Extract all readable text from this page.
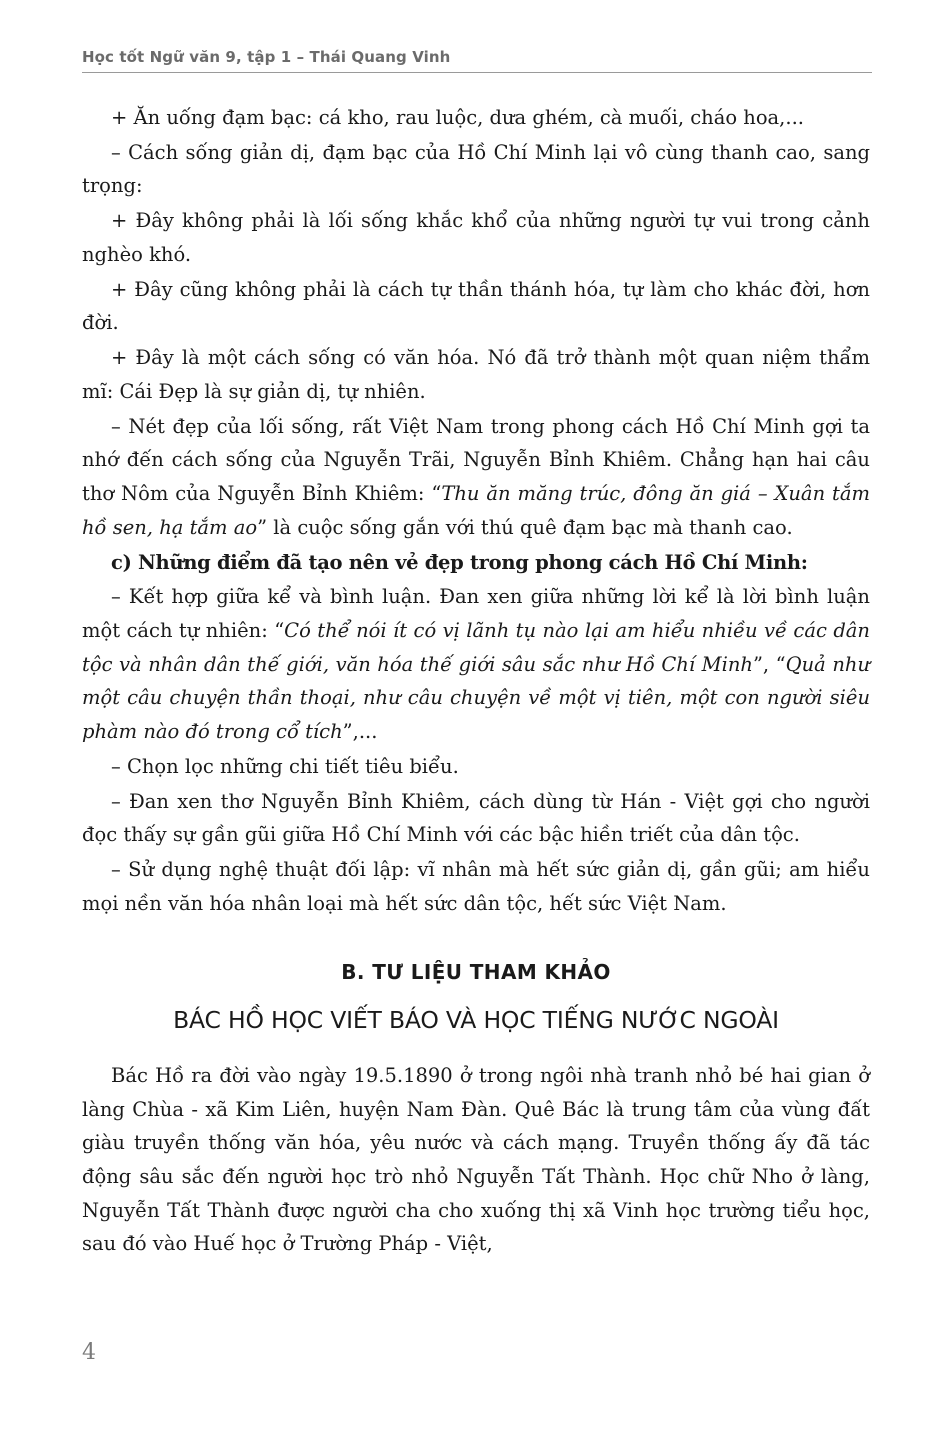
Học tốt Ngữ văn 9, tập 1 – Thái Quang Vinh

+ Ăn uống đạm bạc: cá kho, rau luộc, dưa ghém, cà muối, cháo hoa,...

– Cách sống giản dị, đạm bạc của Hồ Chí Minh lại vô cùng thanh cao, sang trọng:

+ Đây không phải là lối sống khắc khổ của những người tự vui trong cảnh nghèo khó.

+ Đây cũng không phải là cách tự thần thánh hóa, tự làm cho khác đời, hơn đời.

+ Đây là một cách sống có văn hóa. Nó đã trở thành một quan niệm thẩm mĩ: Cái Đẹp là sự giản dị, tự nhiên.

– Nét đẹp của lối sống, rất Việt Nam trong phong cách Hồ Chí Minh gợi ta nhớ đến cách sống của Nguyễn Trãi, Nguyễn Bỉnh Khiêm. Chẳng hạn hai câu thơ Nôm của Nguyễn Bỉnh Khiêm: “Thu ăn măng trúc, đông ăn giá – Xuân tắm hồ sen, hạ tắm ao” là cuộc sống gắn với thú quê đạm bạc mà thanh cao.

c) Những điểm đã tạo nên vẻ đẹp trong phong cách Hồ Chí Minh:

– Kết hợp giữa kể và bình luận. Đan xen giữa những lời kể là lời bình luận một cách tự nhiên: “Có thể nói ít có vị lãnh tụ nào lại am hiểu nhiều về các dân tộc và nhân dân thế giới, văn hóa thế giới sâu sắc như Hồ Chí Minh”, “Quả như một câu chuyện thần thoại, như câu chuyện về một vị tiên, một con người siêu phàm nào đó trong cổ tích”,...

– Chọn lọc những chi tiết tiêu biểu.

– Đan xen thơ Nguyễn Bỉnh Khiêm, cách dùng từ Hán - Việt gợi cho người đọc thấy sự gần gũi giữa Hồ Chí Minh với các bậc hiền triết của dân tộc.

– Sử dụng nghệ thuật đối lập: vĩ nhân mà hết sức giản dị, gần gũi; am hiểu mọi nền văn hóa nhân loại mà hết sức dân tộc, hết sức Việt Nam.

B. TƯ LIỆU THAM KHẢO
BÁC HỒ HỌC VIẾT BÁO VÀ HỌC TIẾNG NƯỚC NGOÀI

Bác Hồ ra đời vào ngày 19.5.1890 ở trong ngôi nhà tranh nhỏ bé hai gian ở làng Chùa - xã Kim Liên, huyện Nam Đàn. Quê Bác là trung tâm của vùng đất giàu truyền thống văn hóa, yêu nước và cách mạng. Truyền thống ấy đã tác động sâu sắc đến người học trò nhỏ Nguyễn Tất Thành. Học chữ Nho ở làng, Nguyễn Tất Thành được người cha cho xuống thị xã Vinh học trường tiểu học, sau đó vào Huế học ở Trường Pháp - Việt,

4
